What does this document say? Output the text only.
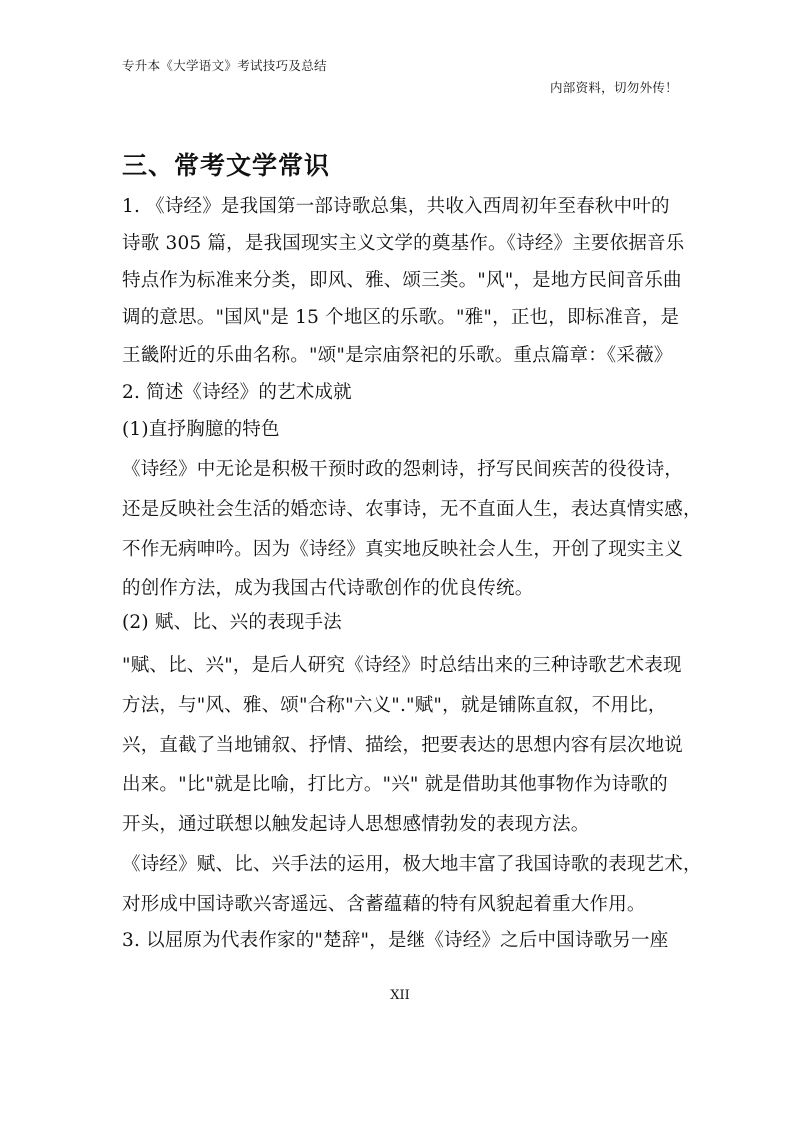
专升本《大学语文》考试技巧及总结
内部资料，切勿外传！
三、常考文学常识
1. 《诗经》是我国第一部诗歌总集，共收入西周初年至春秋中叶的
诗歌 305 篇，是我国现实主义文学的奠基作。《诗经》主要依据音乐
特点作为标准来分类，即风、雅、颂三类。"风"，是地方民间音乐曲
调的意思。"国风"是 15 个地区的乐歌。"雅"，正也，即标准音，是
王畿附近的乐曲名称。"颂"是宗庙祭祀的乐歌。重点篇章：《采薇》
2. 简述《诗经》的艺术成就
(1)直抒胸臆的特色
《诗经》中无论是积极干预时政的怨刺诗，抒写民间疾苦的役役诗，
还是反映社会生活的婚恋诗、农事诗，无不直面人生，表达真情实感，
不作无病呻吟。因为《诗经》真实地反映社会人生，开创了现实主义
的创作方法，成为我国古代诗歌创作的优良传统。
(2) 赋、比、兴的表现手法
"赋、比、兴"，是后人研究《诗经》时总结出来的三种诗歌艺术表现
方法，与"风、雅、颂"合称"六义"."赋"，就是铺陈直叙，不用比，
兴，直截了当地铺叙、抒情、描绘，把要表达的思想内容有层次地说
出来。"比"就是比喻，打比方。"兴" 就是借助其他事物作为诗歌的
开头，通过联想以触发起诗人思想感情勃发的表现方法。
《诗经》赋、比、兴手法的运用，极大地丰富了我国诗歌的表现艺术，
对形成中国诗歌兴寄遥远、含蓄蕴藉的特有风貌起着重大作用。
3. 以屈原为代表作家的"楚辞"，是继《诗经》之后中国诗歌另一座
XII
